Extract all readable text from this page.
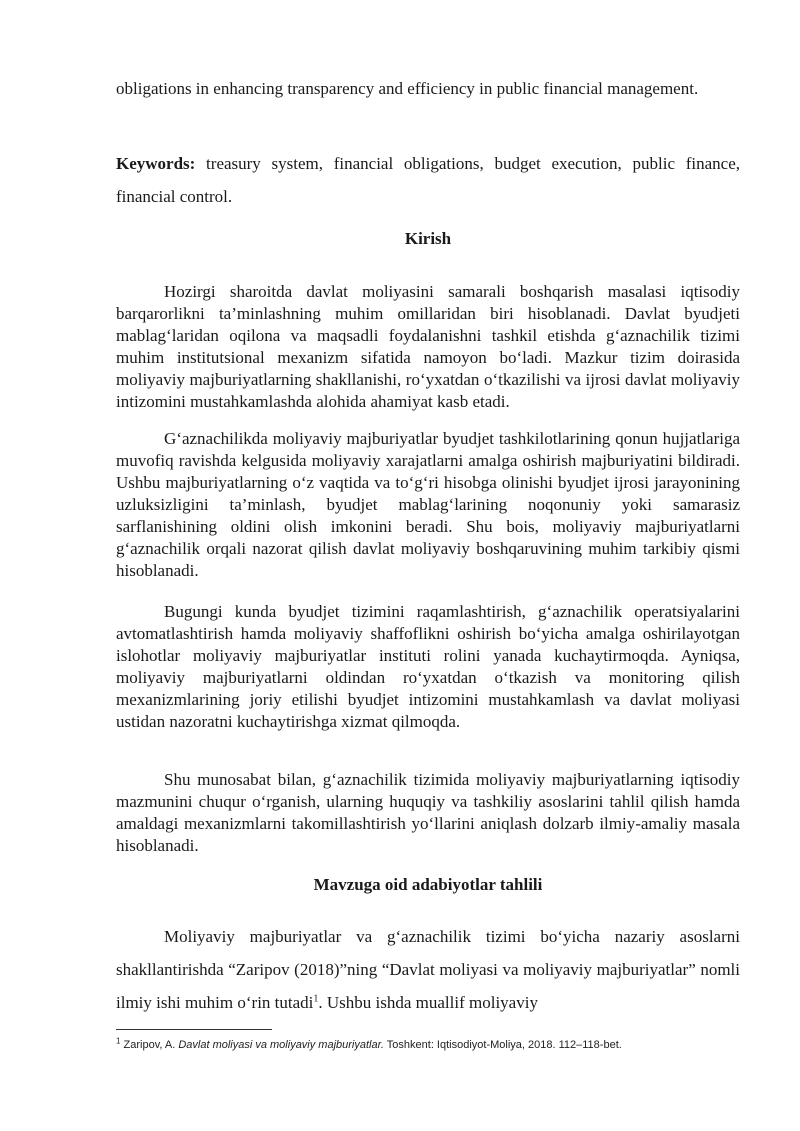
obligations in enhancing transparency and efficiency in public financial management.

Keywords: treasury system, financial obligations, budget execution, public finance, financial control.

Kirish

Hozirgi sharoitda davlat moliyasini samarali boshqarish masalasi iqtisodiy barqarorlikni ta’minlashning muhim omillaridan biri hisoblanadi. Davlat byudjeti mablag‘laridan oqilona va maqsadli foydalanishni tashkil etishda g‘aznachilik tizimi muhim institutsional mexanizm sifatida namoyon bo‘ladi. Mazkur tizim doirasida moliyaviy majburiyatlarning shakllanishi, ro‘yxatdan o‘tkazilishi va ijrosi davlat moliyaviy intizomini mustahkamlashda alohida ahamiyat kasb etadi.

G‘aznachilikda moliyaviy majburiyatlar byudjet tashkilotlarining qonun hujjatlariga muvofiq ravishda kelgusida moliyaviy xarajatlarni amalga oshirish majburiyatini bildiradi. Ushbu majburiyatlarning o‘z vaqtida va to‘g‘ri hisobga olinishi byudjet ijrosi jarayonining uzluksizligini ta’minlash, byudjet mablag‘larining noqonuniy yoki samarasiz sarflanishining oldini olish imkonini beradi. Shu bois, moliyaviy majburiyatlarni g‘aznachilik orqali nazorat qilish davlat moliyaviy boshqaruvining muhim tarkibiy qismi hisoblanadi.

Bugungi kunda byudjet tizimini raqamlashtirish, g‘aznachilik operatsiyalarini avtomatlashtirish hamda moliyaviy shaffoflikni oshirish bo‘yicha amalga oshirilayotgan islohotlar moliyaviy majburiyatlar instituti rolini yanada kuchaytirmoqda. Ayniqsa, moliyaviy majburiyatlarni oldindan ro‘yxatdan o‘tkazish va monitoring qilish mexanizmlarining joriy etilishi byudjet intizomini mustahkamlash va davlat moliyasi ustidan nazoratni kuchaytirishga xizmat qilmoqda.

Shu munosabat bilan, g‘aznachilik tizimida moliyaviy majburiyatlarning iqtisodiy mazmunini chuqur o‘rganish, ularning huquqiy va tashkiliy asoslarini tahlil qilish hamda amaldagi mexanizmlarni takomillashtirish yo‘llarini aniqlash dolzarb ilmiy-amaliy masala hisoblanadi.

Mavzuga oid adabiyotlar tahlili

Moliyaviy majburiyatlar va g‘aznachilik tizimi bo‘yicha nazariy asoslarni shakllantirishda “Zaripov (2018)”ning “Davlat moliyasi va moliyaviy majburiyatlar” nomli ilmiy ishi muhim o‘rin tutadi$^1$. Ushbu ishda muallif moliyaviy

$^1$ Zaripov, A. Davlat moliyasi va moliyaviy majburiyatlar. Toshkent: Iqtisodiyot-Moliya, 2018. 112–118-bet.
